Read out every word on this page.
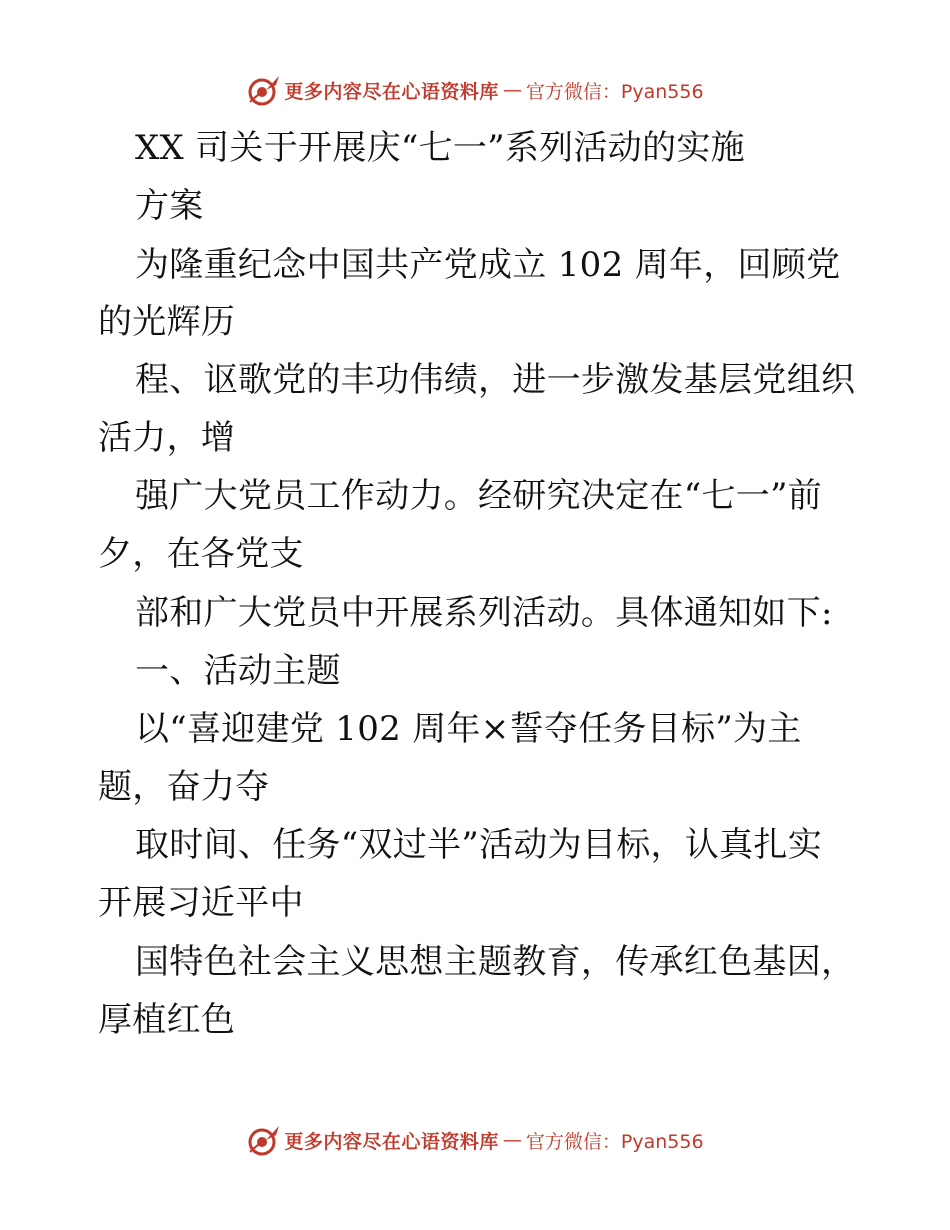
更多内容尽在心语资料库 — 官方微信：Pyan556
XX 司关于开展庆“七一”系列活动的实施
方案
为隆重纪念中国共产党成立 102 周年，回顾党
的光辉历
程、讴歌党的丰功伟绩，进一步激发基层党组织
活力，增
强广大党员工作动力。经研究决定在“七一”前
夕，在各党支
部和广大党员中开展系列活动。具体通知如下:
一、活动主题
以“喜迎建党 102 周年×誓夺任务目标”为主
题，奋力夺
取时间、任务“双过半”活动为目标，认真扎实
开展习近平中
国特色社会主义思想主题教育，传承红色基因，
厚植红色
更多内容尽在心语资料库 — 官方微信：Pyan556
